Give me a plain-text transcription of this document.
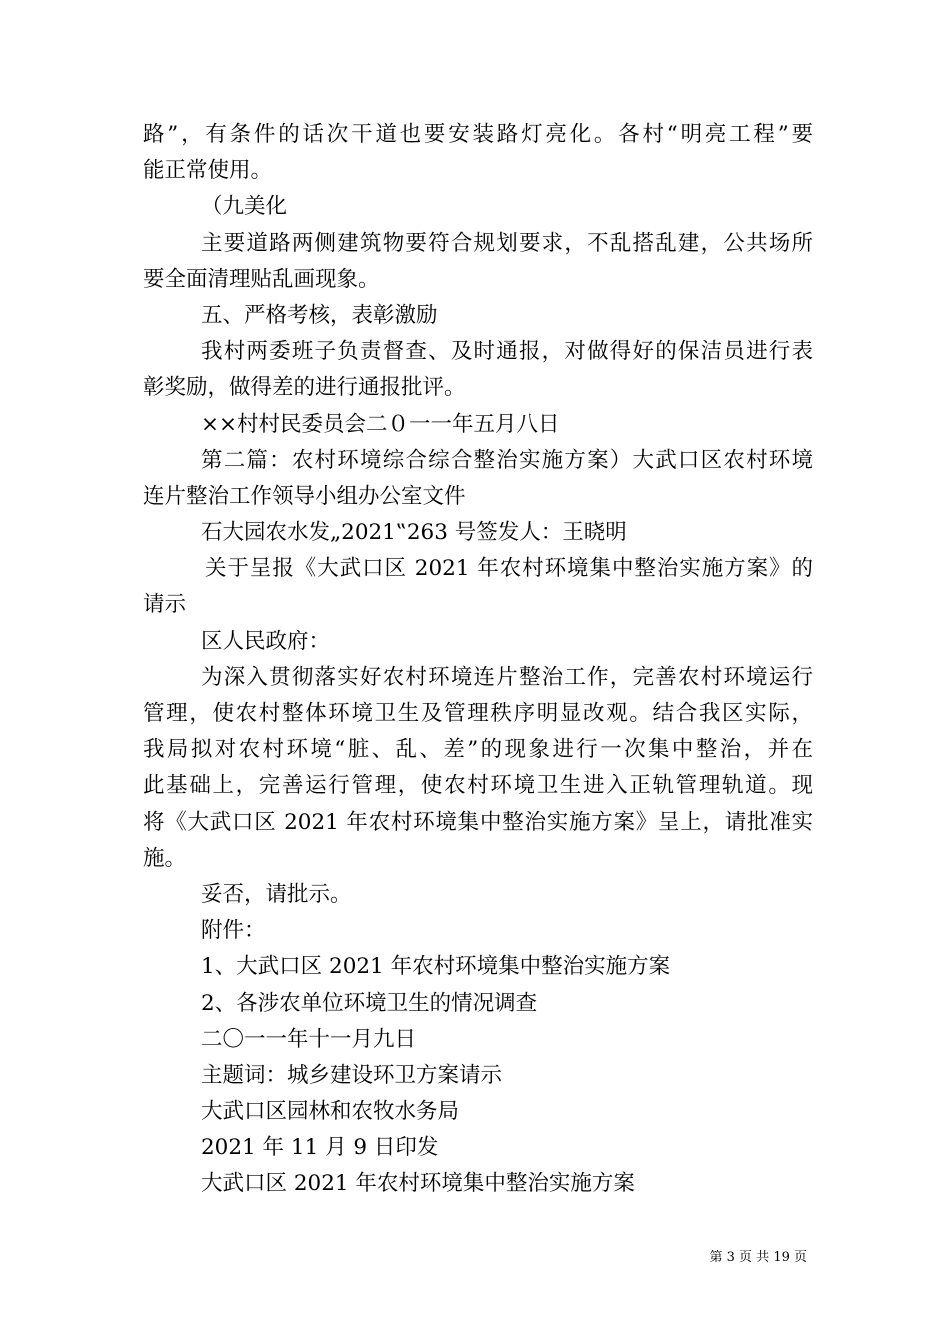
路”，有条件的话次干道也要安装路灯亮化。各村“明亮工程”要
能正常使用。
（九美化
主要道路两侧建筑物要符合规划要求，不乱搭乱建，公共场所
要全面清理贴乱画现象。
五、严格考核，表彰激励
我村两委班子负责督查、及时通报，对做得好的保洁员进行表
彰奖励，做得差的进行通报批评。
××村村民委员会二０一一年五月八日
第二篇：农村环境综合综合整治实施方案）大武口区农村环境
连片整治工作领导小组办公室文件
石大园农水发„2021‟263 号签发人：王晓明
关于呈报《大武口区 2021 年农村环境集中整治实施方案》的
请示
区人民政府：
为深入贯彻落实好农村环境连片整治工作，完善农村环境运行
管理，使农村整体环境卫生及管理秩序明显改观。结合我区实际，
我局拟对农村环境“脏、乱、差”的现象进行一次集中整治，并在
此基础上，完善运行管理，使农村环境卫生进入正轨管理轨道。现
将《大武口区 2021 年农村环境集中整治实施方案》呈上，请批准实
施。
妥否，请批示。
附件：
1、大武口区 2021 年农村环境集中整治实施方案
2、各涉农单位环境卫生的情况调查
二〇一一年十一月九日
主题词：城乡建设环卫方案请示
大武口区园林和农牧水务局
2021 年 11 月 9 日印发
大武口区 2021 年农村环境集中整治实施方案
第 3 页 共 19 页
